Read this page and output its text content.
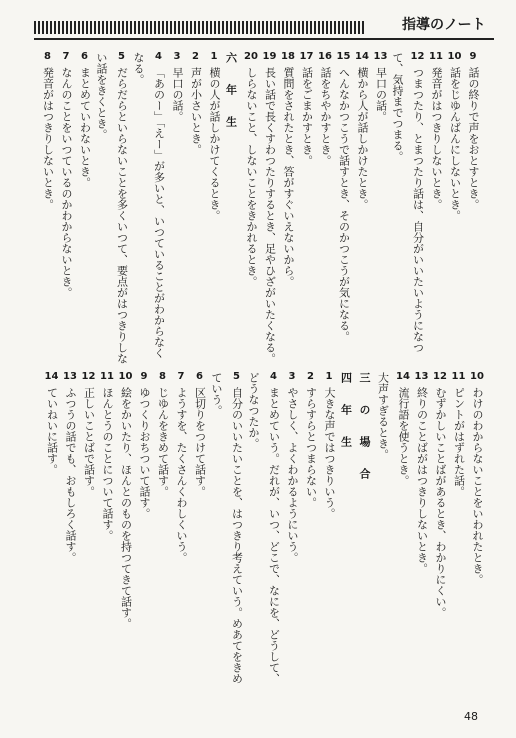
指導のノート
9話の終りで声をおとすとき。
10話をじゆんばんにしないとき。
11発音がはつきりしないとき。
12つまつたり、とまつたり話は、自分がいいたいようになつ
て、気持までつまる。
13早口の話。
14横から人が話しかけたとき。
15へんなかつこうで話すとき、そのかつこうが気になる。
16話をちやかすとき。
17話をごまかすとき。
18質問をされたとき、答がすぐいえないから。
19長い話で長くすわつたりするとき、足やひざがいたくなる。
20しらないこと、しないことをきかれるとき。
六　年　生
1横の人が話しかけてくるとき。
2声が小さいとき。
3早口の話。
4「あのー」「えー」が多いと、いつていることがわからなく
なる。
5だらだらといらないことを多くいつて、要点がはつきりしな
い話をきくとき。
6まとめていわないとき。
7なんのことをいつているのかわからないとき。
8発音がはつきりしないとき。
10わけのわからないことをいわれたとき。
11ピントがはずれた話。
12むずかしいことばがあるとき、わかりにくい。
13終りのことばがはつきりしないとき。
14流行語を使うとき。
大声すぎるとき。
三　の　場　合
四　年　生
1大きな声ではつきりいう。
2すらすらとつまらない。
3やさしく、よくわかるようにいう。
4まとめていう。だれが、いつ、どこで、なにを、どうして、
どうなつたか。
5自分のいいたいことを、はつきり考えていう。めあてをきめ
ていう。
6区切りをつけて話す。
7ようすを、たくさんくわしくいう。
8じゆんをきめて話す。
9ゆつくりおちついて話す。
10絵をかいたり、ほんとのものを持つてきて話す。
11ほんとうのことについて話す。
12正しいことばで話す。
13ふつうの話でも、おもしろく話す。
14ていねいに話す。
48
